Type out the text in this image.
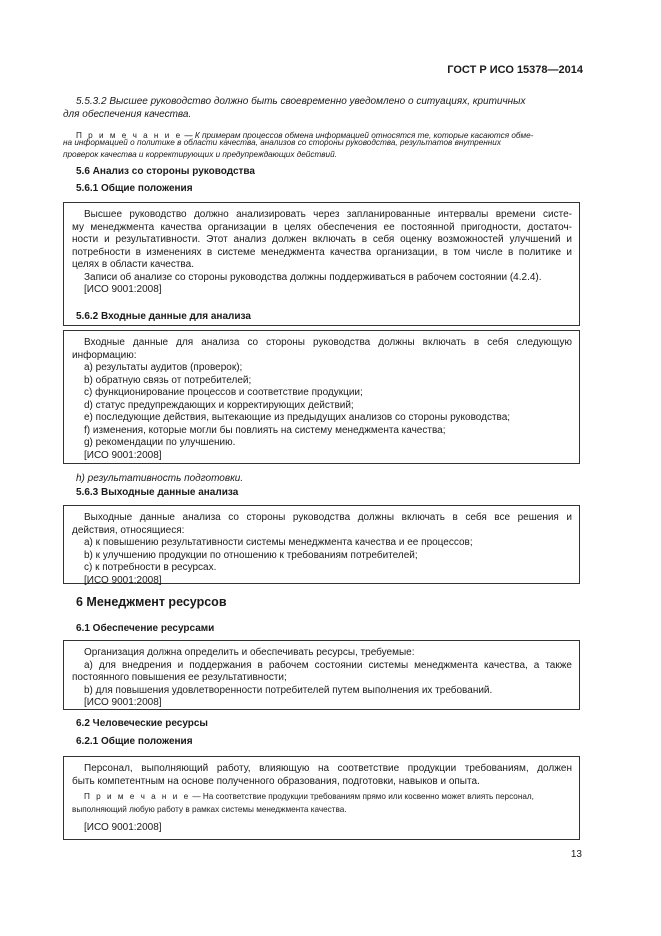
ГОСТ Р ИСО 15378—2014
5.5.3.2 Высшее руководство должно быть своевременно уведомлено о ситуациях, критичных
для обеспечения качества.
П р и м е ч а н и е — К примерам процессов обмена информацией относятся те, которые касаются обме-
на информацией о политике в области качества, анализов со стороны руководства, результатов внутренних
проверок качества и корректирующих и предупреждающих действий.
5.6 Анализ со стороны руководства
5.6.1 Общие положения

Высшее руководство должно анализировать через запланированные интервалы времени систе-

му менеджмента качества организации в целях обеспечения ее постоянной пригодности, достаточ-

ности и результативности. Этот анализ должен включать в себя оценку возможностей улучшений и

потребности в изменениях в системе менеджмента качества организации, в том числе в политике и

целях в области качества.

Записи об анализе со стороны руководства должны поддерживаться в рабочем состоянии (4.2.4).

[ИСО 9001:2008]

5.6.2 Входные данные для анализа

Входные данные для анализа со стороны руководства должны включать в себя следующую

информацию:

a) результаты аудитов (проверок);

b) обратную связь от потребителей;

c) функционирование процессов и соответствие продукции;

d) статус предупреждающих и корректирующих действий;

e) последующие действия, вытекающие из предыдущих анализов со стороны руководства;

f) изменения, которые могли бы повлиять на систему менеджмента качества;

g) рекомендации по улучшению.

[ИСО 9001:2008]

h) результативность подготовки.
5.6.3 Выходные данные анализа

Выходные данные анализа со стороны руководства должны включать в себя все решения и

действия, относящиеся:

a) к повышению результативности системы менеджмента качества и ее процессов;

b) к улучшению продукции по отношению к требованиям потребителей;

c) к потребности в ресурсах.

[ИСО 9001:2008]

6 Менеджмент ресурсов
6.1 Обеспечение ресурсами

Организация должна определить и обеспечивать ресурсы, требуемые:

a) для внедрения и поддержания в рабочем состоянии системы менеджмента качества, а также

постоянного повышения ее результативности;

b) для повышения удовлетворенности потребителей путем выполнения их требований.

[ИСО 9001:2008]

6.2 Человеческие ресурсы
6.2.1 Общие положения

Персонал, выполняющий работу, влияющую на соответствие продукции требованиям, должен

быть компетентным на основе полученного образования, подготовки, навыков и опыта.

П р и м е ч а н и е — На соответствие продукции требованиям прямо или косвенно может влиять персонал,

выполняющий любую работу в рамках системы менеджмента качества.

[ИСО 9001:2008]

13
